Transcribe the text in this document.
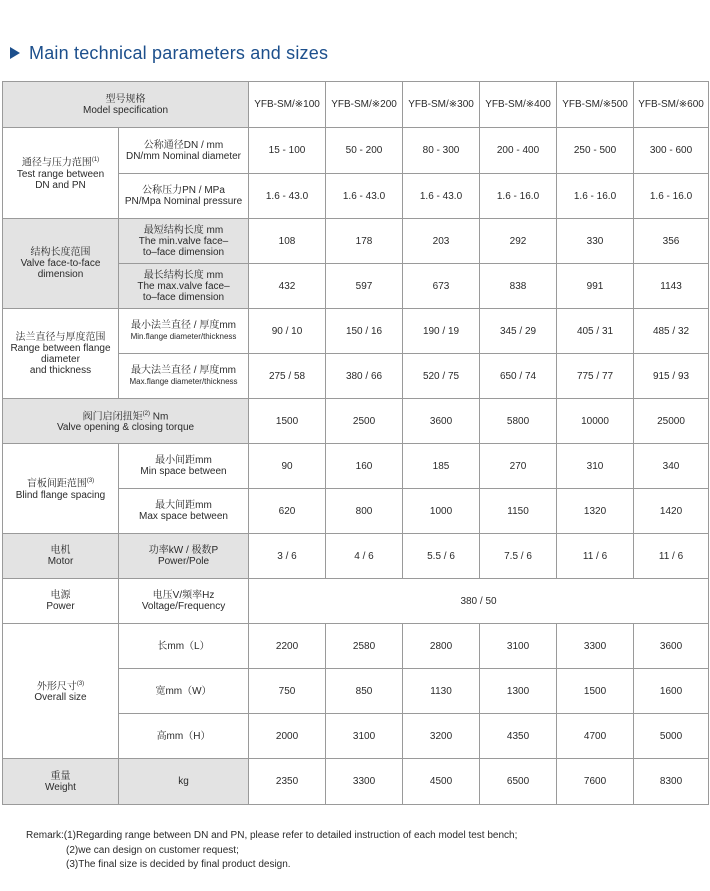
Main technical parameters and sizes
型号规格
Model specification		YFB-SM/※100	YFB-SM/※200	YFB-SM/※300	YFB-SM/※400	YFB-SM/※500	YFB-SM/※600

通径与压力范围$^{(1)}$
Test range between
DN and PN	公称通径DN / mm
DN/mm Nominal diameter	15 - 100	50 - 200	80 - 300	200 - 400	250 - 500	300 - 600

	公称压力PN / MPa
PN/Mpa Nominal pressure	1.6 - 43.0	1.6 - 43.0	1.6 - 43.0	1.6 - 16.0	1.6 - 16.0	1.6 - 16.0

结构长度范围
Valve face-to-face
dimension	最短结构长度 mm
The min.valve face–
to–face dimension	108	178	203	292	330	356

	最长结构长度 mm
The max.valve face–
to–face dimension	432	597	673	838	991	1143

法兰直径与厚度范围
Range between flange
diameter
and thickness	最小法兰直径 / 厚度mm
Min.flange diameter/thickness	90 / 10	150 / 16	190 / 19	345 / 29	405 / 31	485 / 32

	最大法兰直径 / 厚度mm
Max.flange diameter/thickness	275 / 58	380 / 66	520 / 75	650 / 74	775 / 77	915 / 93

阀门启闭扭矩$^{(2)}$ Nm
Valve opening & closing torque		1500	2500	3600	5800	10000	25000

盲板间距范围$^{(3)}$
Blind flange spacing	最小间距mm
Min space between	90	160	185	270	310	340

	最大间距mm
Max space between	620	800	1000	1150	1320	1420

电机
Motor	功率kW / 极数P
Power/Pole	3 / 6	4 / 6	5.5 / 6	7.5 / 6	11 / 6	11 / 6

电源
Power	电压V/频率Hz
Voltage/Frequency	380 / 50					

外形尺寸$^{(3)}$
Overall size	长mm（L）	2200	2580	2800	3100	3300	3600
	宽mm（W）	750	850	1130	1300	1500	1600
	高mm（H）	2000	3100	3200	4350	4700	5000

重量
Weight	kg	2350	3300	4500	6500	7600	8300
Remark:(1)Regarding range between DN and PN, please refer to detailed instruction of each model test bench;
(2)we can design on customer request;
(3)The final size is decided by final product design.
